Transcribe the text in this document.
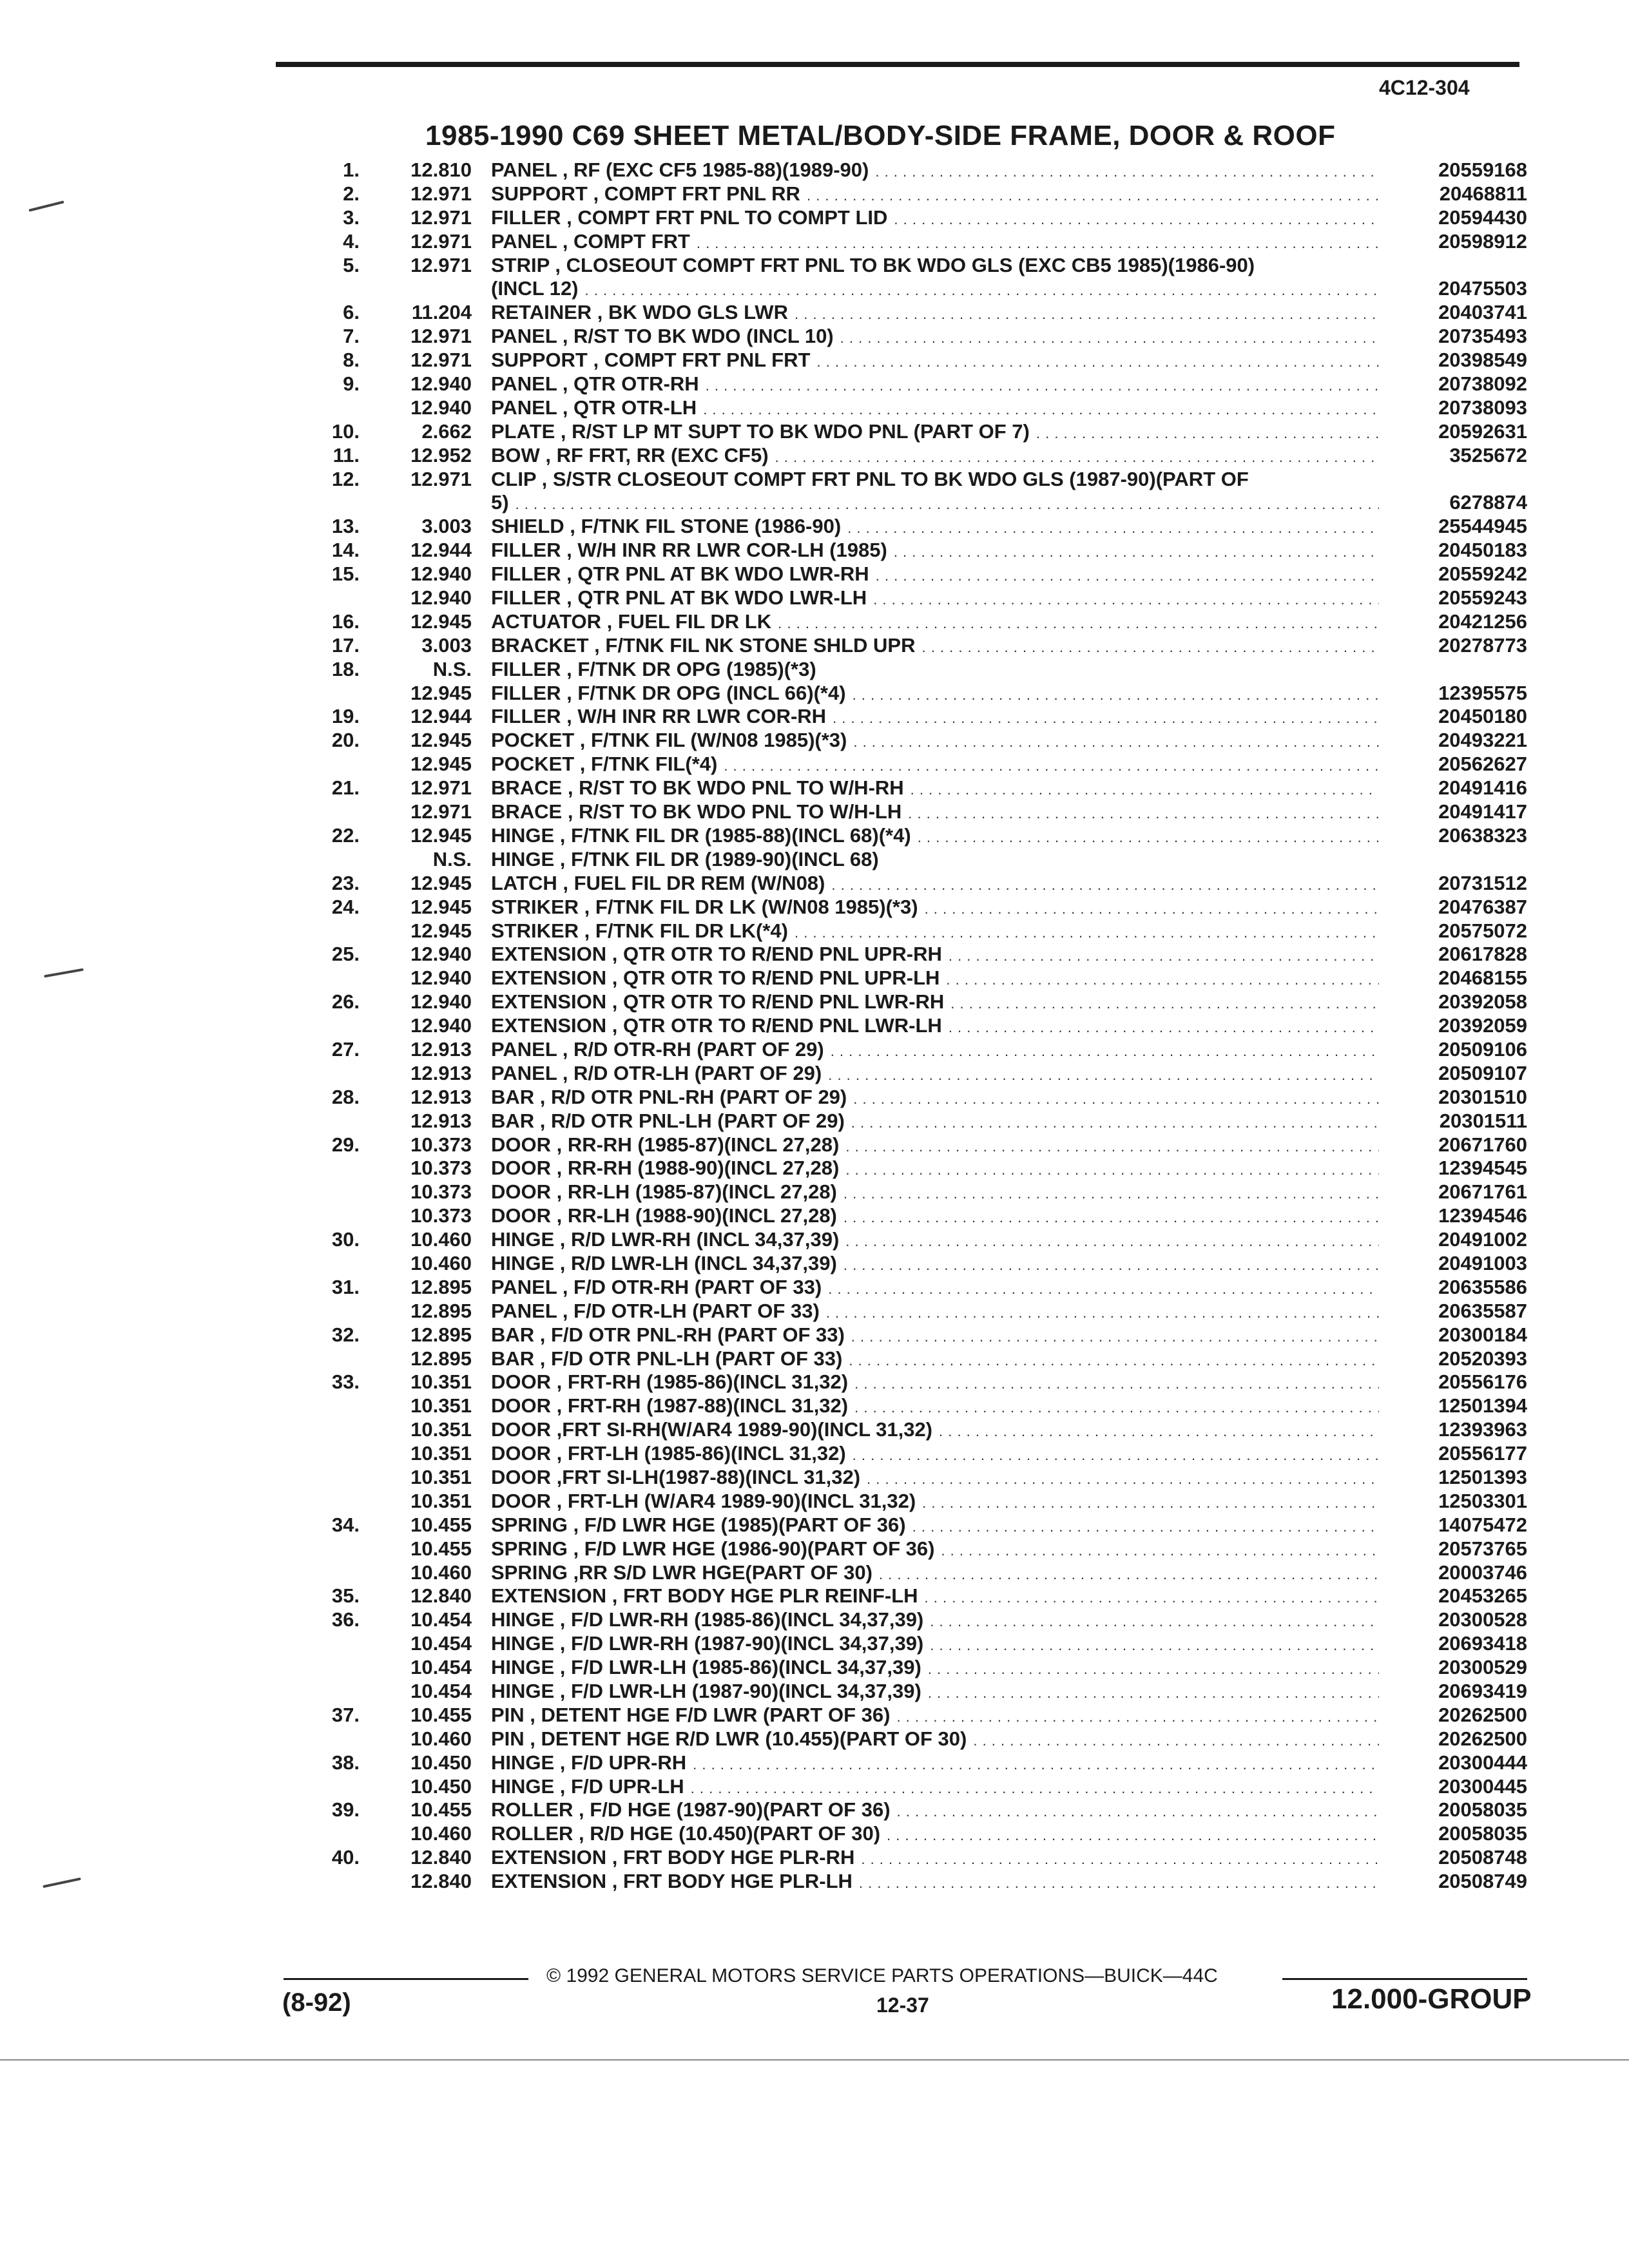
4C12-304
1985-1990 C69 SHEET METAL/BODY-SIDE FRAME, DOOR & ROOF
1.	12.810 PANEL , RF (EXC CF5 1985-88)(1989-90) . . .	20559168
2.	12.971 SUPPORT , COMPT FRT PNL RR . . .	20468811
3.	12.971 FILLER , COMPT FRT PNL TO COMPT LID . . .	20594430
4.	12.971 PANEL , COMPT FRT . . .	20598912
5.	12.971 STRIP , CLOSEOUT COMPT FRT PNL TO BK WDO GLS (EXC CB5 1985)(1986-90)
(INCL 12) . . .	20475503
6.	11.204 RETAINER , BK WDO GLS LWR . . .	20403741
7.	12.971 PANEL , R/ST TO BK WDO (INCL 10) . . .	20735493
8.	12.971 SUPPORT , COMPT FRT PNL FRT . . .	20398549
9.	12.940 PANEL , QTR OTR-RH . . .	20738092
12.940 PANEL , QTR OTR-LH . . .	20738093
10.	2.662 PLATE , R/ST LP MT SUPT TO BK WDO PNL (PART OF 7) . . .	20592631
11.	12.952 BOW , RF FRT, RR (EXC CF5) . . .	3525672
12.	12.971 CLIP , S/STR CLOSEOUT COMPT FRT PNL TO BK WDO GLS (1987-90)(PART OF
5) . . .	6278874
13.	3.003 SHIELD , F/TNK FIL STONE (1986-90) . . .	25544945
14.	12.944 FILLER , W/H INR RR LWR COR-LH (1985) . . .	20450183
15.	12.940 FILLER , QTR PNL AT BK WDO LWR-RH . . .	20559242
12.940 FILLER , QTR PNL AT BK WDO LWR-LH . . .	20559243
16.	12.945 ACTUATOR , FUEL FIL DR LK . . .	20421256
17.	3.003 BRACKET , F/TNK FIL NK STONE SHLD UPR . . .	20278773
18.	N.S. FILLER , F/TNK DR OPG (1985)(*3)
12.945 FILLER , F/TNK DR OPG (INCL 66)(*4) . . .	12395575
19.	12.944 FILLER , W/H INR RR LWR COR-RH . . .	20450180
20.	12.945 POCKET , F/TNK FIL (W/N08 1985)(*3) . . .	20493221
12.945 POCKET , F/TNK FIL(*4) . . .	20562627
21.	12.971 BRACE , R/ST TO BK WDO PNL TO W/H-RH . . .	20491416
12.971 BRACE , R/ST TO BK WDO PNL TO W/H-LH . . .	20491417
22.	12.945 HINGE , F/TNK FIL DR (1985-88)(INCL 68)(*4) . . .	20638323
N.S. HINGE , F/TNK FIL DR (1989-90)(INCL 68)
23.	12.945 LATCH , FUEL FIL DR REM (W/N08) . . .	20731512
24.	12.945 STRIKER , F/TNK FIL DR LK (W/N08 1985)(*3) . . .	20476387
12.945 STRIKER , F/TNK FIL DR LK(*4) . . .	20575072
25.	12.940 EXTENSION , QTR OTR TO R/END PNL UPR-RH . . .	20617828
12.940 EXTENSION , QTR OTR TO R/END PNL UPR-LH . . .	20468155
26.	12.940 EXTENSION , QTR OTR TO R/END PNL LWR-RH . . .	20392058
12.940 EXTENSION , QTR OTR TO R/END PNL LWR-LH . . .	20392059
27.	12.913 PANEL , R/D OTR-RH (PART OF 29) . . .	20509106
12.913 PANEL , R/D OTR-LH (PART OF 29) . . .	20509107
28.	12.913 BAR , R/D OTR PNL-RH (PART OF 29) . . .	20301510
12.913 BAR , R/D OTR PNL-LH (PART OF 29) . . .	20301511
29.	10.373 DOOR , RR-RH (1985-87)(INCL 27,28) . . .	20671760
10.373 DOOR , RR-RH (1988-90)(INCL 27,28) . . .	12394545
10.373 DOOR , RR-LH (1985-87)(INCL 27,28) . . .	20671761
10.373 DOOR , RR-LH (1988-90)(INCL 27,28) . . .	12394546
30.	10.460 HINGE , R/D LWR-RH (INCL 34,37,39) . . .	20491002
10.460 HINGE , R/D LWR-LH (INCL 34,37,39) . . .	20491003
31.	12.895 PANEL , F/D OTR-RH (PART OF 33) . . .	20635586
12.895 PANEL , F/D OTR-LH (PART OF 33) . . .	20635587
32.	12.895 BAR , F/D OTR PNL-RH (PART OF 33) . . .	20300184
12.895 BAR , F/D OTR PNL-LH (PART OF 33) . . .	20520393
33.	10.351 DOOR , FRT-RH (1985-86)(INCL 31,32) . . .	20556176
10.351 DOOR , FRT-RH (1987-88)(INCL 31,32) . . .	12501394
10.351 DOOR ,FRT SI-RH(W/AR4 1989-90)(INCL 31,32) . . .	12393963
10.351 DOOR , FRT-LH (1985-86)(INCL 31,32) . . .	20556177
10.351 DOOR ,FRT SI-LH(1987-88)(INCL 31,32) . . .	12501393
10.351 DOOR , FRT-LH (W/AR4 1989-90)(INCL 31,32) . . .	12503301
34.	10.455 SPRING , F/D LWR HGE (1985)(PART OF 36) . . .	14075472
10.455 SPRING , F/D LWR HGE (1986-90)(PART OF 36) . . .	20573765
10.460 SPRING ,RR S/D LWR HGE(PART OF 30) . . .	20003746
35.	12.840 EXTENSION , FRT BODY HGE PLR REINF-LH . . .	20453265
36.	10.454 HINGE , F/D LWR-RH (1985-86)(INCL 34,37,39) . . .	20300528
10.454 HINGE , F/D LWR-RH (1987-90)(INCL 34,37,39) . . .	20693418
10.454 HINGE , F/D LWR-LH (1985-86)(INCL 34,37,39) . . .	20300529
10.454 HINGE , F/D LWR-LH (1987-90)(INCL 34,37,39) . . .	20693419
37.	10.455 PIN , DETENT HGE F/D LWR (PART OF 36) . . .	20262500
10.460 PIN , DETENT HGE R/D LWR (10.455)(PART OF 30) . . .	20262500
38.	10.450 HINGE , F/D UPR-RH . . .	20300444
10.450 HINGE , F/D UPR-LH . . .	20300445
39.	10.455 ROLLER , F/D HGE (1987-90)(PART OF 36) . . .	20058035
10.460 ROLLER , R/D HGE (10.450)(PART OF 30) . . .	20058035
40.	12.840 EXTENSION , FRT BODY HGE PLR-RH . . .	20508748
12.840 EXTENSION , FRT BODY HGE PLR-LH . . .	20508749
© 1992 GENERAL MOTORS SERVICE PARTS OPERATIONS—BUICK—44C
(8-92)	12-37	12.000-GROUP
